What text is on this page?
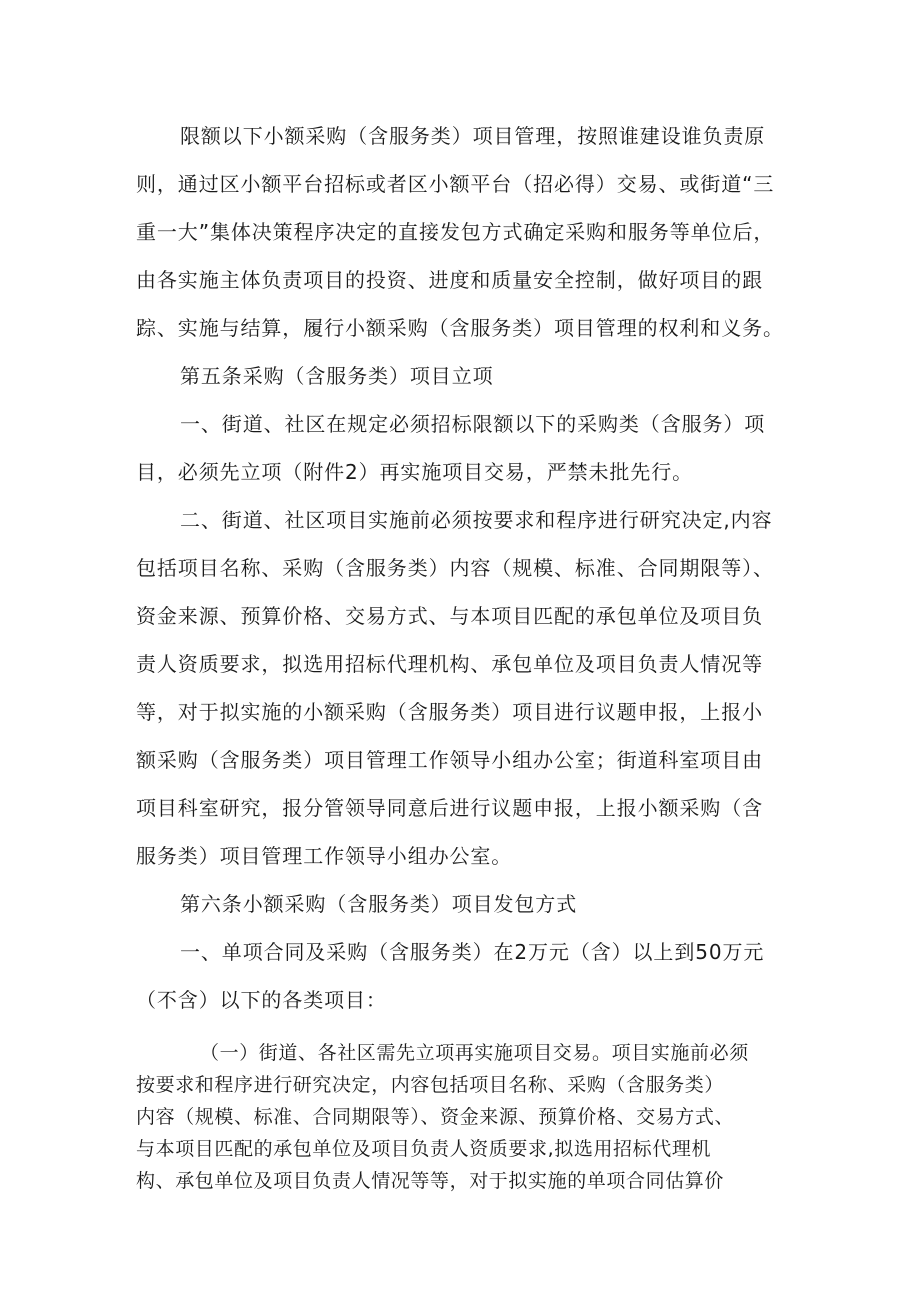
限额以下小额采购（含服务类）项目管理，按照谁建设谁负责原
则，通过区小额平台招标或者区小额平台（招必得）交易、或街道“三
重一大”集体决策程序决定的直接发包方式确定采购和服务等单位后，
由各实施主体负责项目的投资、进度和质量安全控制，做好项目的跟
踪、实施与结算，履行小额采购（含服务类）项目管理的权利和义务。
第五条采购（含服务类）项目立项
一、街道、社区在规定必须招标限额以下的采购类（含服务）项
目，必须先立项（附件2）再实施项目交易，严禁未批先行。
二、街道、社区项目实施前必须按要求和程序进行研究决定,内容
包括项目名称、采购（含服务类）内容（规模、标准、合同期限等）、
资金来源、预算价格、交易方式、与本项目匹配的承包单位及项目负
责人资质要求，拟选用招标代理机构、承包单位及项目负责人情况等
等，对于拟实施的小额采购（含服务类）项目进行议题申报，上报小
额采购（含服务类）项目管理工作领导小组办公室；街道科室项目由
项目科室研究，报分管领导同意后进行议题申报，上报小额采购（含
服务类）项目管理工作领导小组办公室。
第六条小额采购（含服务类）项目发包方式
一、单项合同及采购（含服务类）在2万元（含）以上到50万元
（不含）以下的各类项目：
（一）街道、各社区需先立项再实施项目交易。项目实施前必须
按要求和程序进行研究决定，内容包括项目名称、采购（含服务类）
内容（规模、标准、合同期限等）、资金来源、预算价格、交易方式、
与本项目匹配的承包单位及项目负责人资质要求,拟选用招标代理机
构、承包单位及项目负责人情况等等，对于拟实施的单项合同估算价
